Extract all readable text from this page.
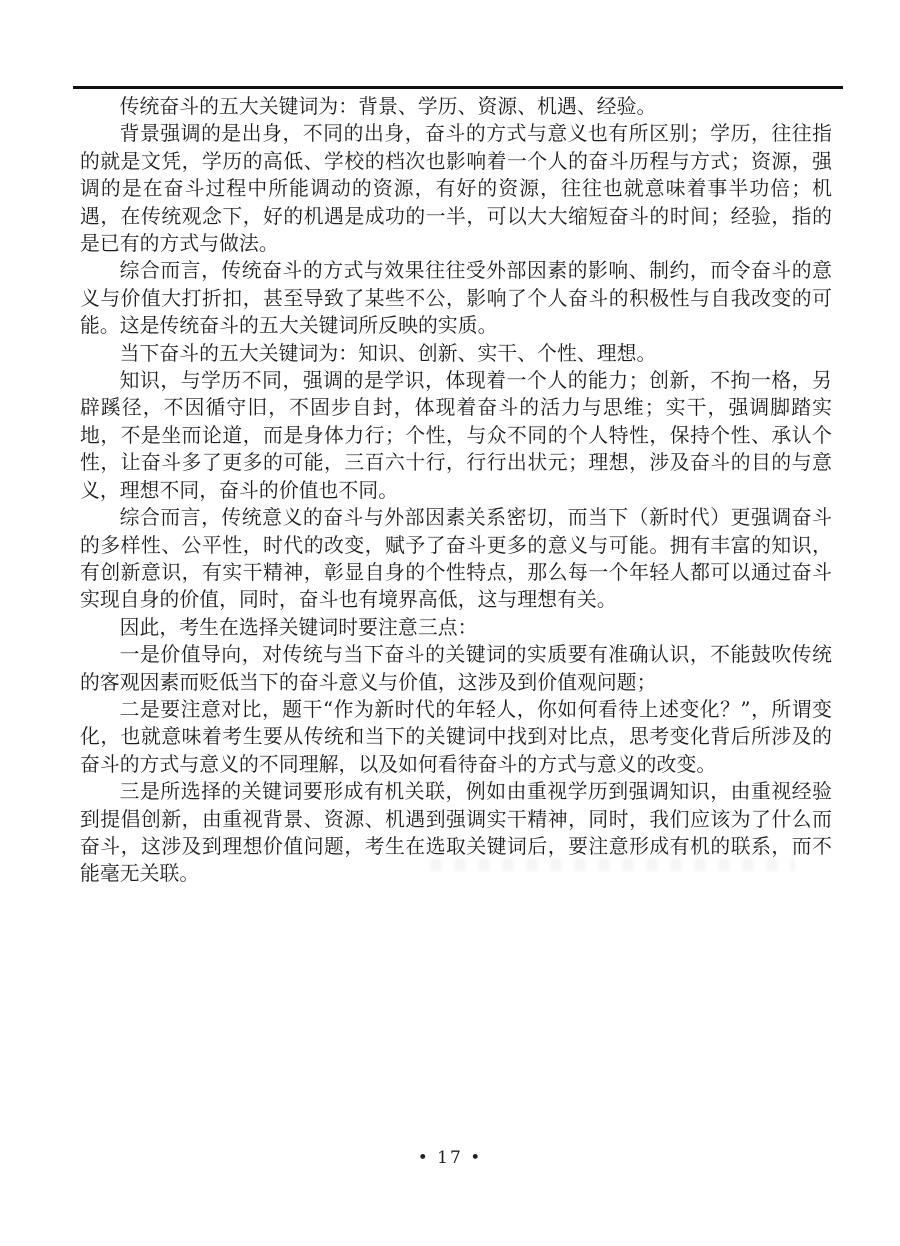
传统奋斗的五大关键词为：背景、学历、资源、机遇、经验。

背景强调的是出身，不同的出身，奋斗的方式与意义也有所区别；学历，往往指的就是文凭，学历的高低、学校的档次也影响着一个人的奋斗历程与方式；资源，强调的是在奋斗过程中所能调动的资源，有好的资源，往往也就意味着事半功倍；机遇，在传统观念下，好的机遇是成功的一半，可以大大缩短奋斗的时间；经验，指的是已有的方式与做法。

综合而言，传统奋斗的方式与效果往往受外部因素的影响、制约，而令奋斗的意义与价值大打折扣，甚至导致了某些不公，影响了个人奋斗的积极性与自我改变的可能。这是传统奋斗的五大关键词所反映的实质。

当下奋斗的五大关键词为：知识、创新、实干、个性、理想。

知识，与学历不同，强调的是学识，体现着一个人的能力；创新，不拘一格，另辟蹊径，不因循守旧，不固步自封，体现着奋斗的活力与思维；实干，强调脚踏实地，不是坐而论道，而是身体力行；个性，与众不同的个人特性，保持个性、承认个性，让奋斗多了更多的可能，三百六十行，行行出状元；理想，涉及奋斗的目的与意义，理想不同，奋斗的价值也不同。

综合而言，传统意义的奋斗与外部因素关系密切，而当下（新时代）更强调奋斗的多样性、公平性，时代的改变，赋予了奋斗更多的意义与可能。拥有丰富的知识，有创新意识，有实干精神，彰显自身的个性特点，那么每一个年轻人都可以通过奋斗实现自身的价值，同时，奋斗也有境界高低，这与理想有关。

因此，考生在选择关键词时要注意三点：

一是价值导向，对传统与当下奋斗的关键词的实质要有准确认识，不能鼓吹传统的客观因素而贬低当下的奋斗意义与价值，这涉及到价值观问题；

二是要注意对比，题干“作为新时代的年轻人，你如何看待上述变化？”，所谓变化，也就意味着考生要从传统和当下的关键词中找到对比点，思考变化背后所涉及的奋斗的方式与意义的不同理解，以及如何看待奋斗的方式与意义的改变。

三是所选择的关键词要形成有机关联，例如由重视学历到强调知识，由重视经验到提倡创新，由重视背景、资源、机遇到强调实干精神，同时，我们应该为了什么而奋斗，这涉及到理想价值问题，考生在选取关键词后，要注意形成有机的联系，而不能毫无关联。

• 17 •
